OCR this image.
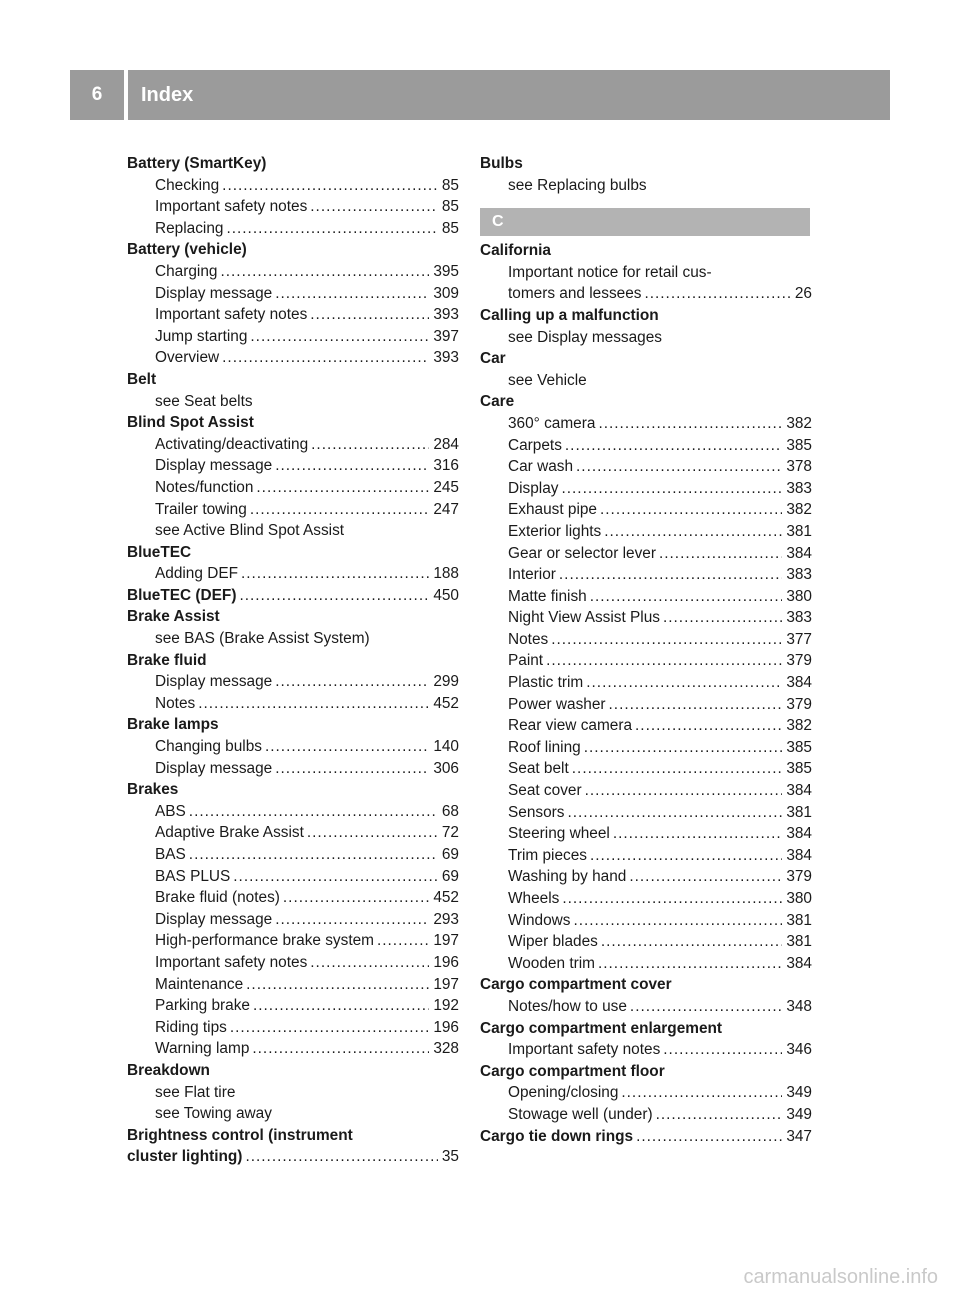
6	Index
Battery (SmartKey)
Checking .....	85
Important safety notes .....	85
Replacing .....	85
Battery (vehicle)
Charging .....	395
Display message .....	309
Important safety notes .....	393
Jump starting .....	397
Overview .....	393
Belt
see Seat belts
Blind Spot Assist
Activating/deactivating .....	284
Display message .....	316
Notes/function .....	245
Trailer towing .....	247
see Active Blind Spot Assist
BlueTEC
Adding DEF .....	188
BlueTEC (DEF) .....	450
Brake Assist
see BAS (Brake Assist System)
Brake fluid
Display message .....	299
Notes .....	452
Brake lamps
Changing bulbs .....	140
Display message .....	306
Brakes
ABS .....	68
Adaptive Brake Assist .....	72
BAS .....	69
BAS PLUS .....	69
Brake fluid (notes) .....	452
Display message .....	293
High-performance brake system .....	197
Important safety notes .....	196
Maintenance .....	197
Parking brake .....	192
Riding tips .....	196
Warning lamp .....	328
Breakdown
see Flat tire
see Towing away
Brightness control (instrument
cluster lighting) .....	35
Bulbs
see Replacing bulbs
C
California
Important notice for retail cus-
tomers and lessees .....	26
Calling up a malfunction
see Display messages
Car
see Vehicle
Care
360° camera .....	382
Carpets .....	385
Car wash .....	378
Display .....	383
Exhaust pipe .....	382
Exterior lights .....	381
Gear or selector lever .....	384
Interior .....	383
Matte finish .....	380
Night View Assist Plus .....	383
Notes .....	377
Paint .....	379
Plastic trim .....	384
Power washer .....	379
Rear view camera .....	382
Roof lining .....	385
Seat belt .....	385
Seat cover .....	384
Sensors .....	381
Steering wheel .....	384
Trim pieces .....	384
Washing by hand .....	379
Wheels .....	380
Windows .....	381
Wiper blades .....	381
Wooden trim .....	384
Cargo compartment cover
Notes/how to use .....	348
Cargo compartment enlargement
Important safety notes .....	346
Cargo compartment floor
Opening/closing .....	349
Stowage well (under) .....	349
Cargo tie down rings .....	347
carmanualsonline.info
